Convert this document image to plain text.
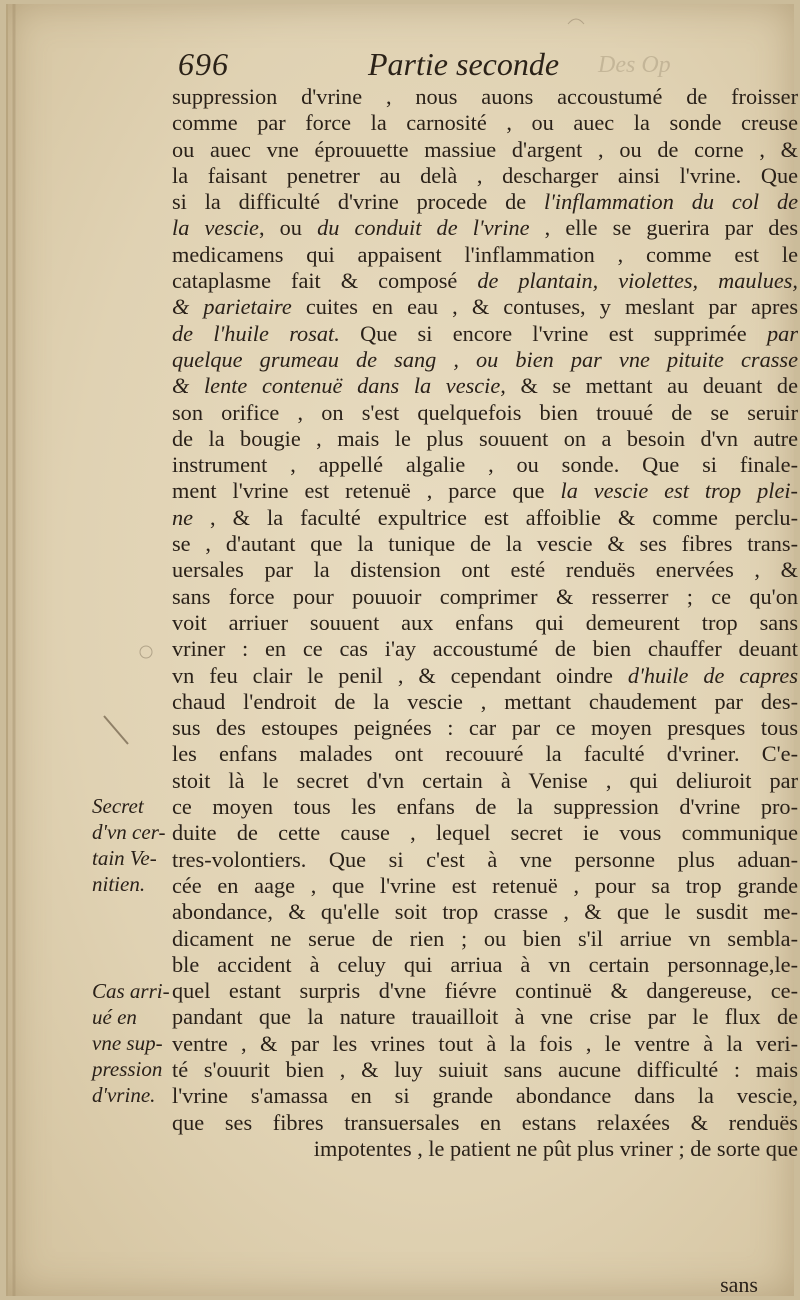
696	Partie seconde Des Op
suppression d'vrine , nous auons accoustumé de froisser
comme par force la carnosité , ou auec la sonde creuse
ou auec vne éprouuette massiue d'argent , ou de corne , &
la faisant penetrer au delà , descharger ainsi l'vrine. Que
si la difficulté d'vrine procede de l'inflammation du col de
la vescie, ou du conduit de l'vrine , elle se guerira par des
medicamens qui appaisent l'inflammation , comme est le
cataplasme fait & composé de plantain, violettes, maulues,
& parietaire cuites en eau , & contuses, y meslant par apres
de l'huile rosat. Que si encore l'vrine est supprimée par
quelque grumeau de sang , ou bien par vne pituite crasse
& lente contenuë dans la vescie, & se mettant au deuant de
son orifice , on s'est quelquefois bien trouué de se seruir
de la bougie , mais le plus souuent on a besoin d'vn autre
instrument , appellé algalie , ou sonde. Que si finale-
ment l'vrine est retenuë , parce que la vescie est trop plei-
ne , & la faculté expultrice est affoiblie & comme perclu-
se , d'autant que la tunique de la vescie & ses fibres trans-
uersales par la distension ont esté renduës enervées , &
sans force pour pouuoir comprimer & resserrer ; ce qu'on
voit arriuer souuent aux enfans qui demeurent trop sans
vriner : en ce cas i'ay accoustumé de bien chauffer deuant
vn feu clair le penil , & cependant oindre d'huile de capres
chaud l'endroit de la vescie , mettant chaudement par des-
sus des estoupes peignées : car par ce moyen presques tous
les enfans malades ont recouuré la faculté d'vriner. C'e-
stoit là le secret d'vn certain à Venise , qui deliuroit par
ce moyen tous les enfans de la suppression d'vrine pro-
duite de cette cause , lequel secret ie vous communique
tres-volontiers. Que si c'est à vne personne plus aduan-
cée en aage , que l'vrine est retenuë , pour sa trop grande
abondance, & qu'elle soit trop crasse , & que le susdit me-
dicament ne serue de rien ; ou bien s'il arriue vn sembla-
ble accident à celuy qui arriua à vn certain personnage,le-
quel estant surpris d'vne fiévre continuë & dangereuse, ce-
pandant que la nature trauailloit à vne crise par le flux de
ventre , & par les vrines tout à la fois , le ventre à la veri-
té s'ouurit bien , & luy suiuit sans aucune difficulté : mais
l'vrine s'amassa en si grande abondance dans la vescie,
que ses fibres transuersales en estans relaxées & renduës
impotentes , le patient ne pût plus vriner ; de sorte que
Secret
d'vn cer-
tain Ve-
nitien.
Cas arri-
ué en
vne sup-
pression
d'vrine.
sans
